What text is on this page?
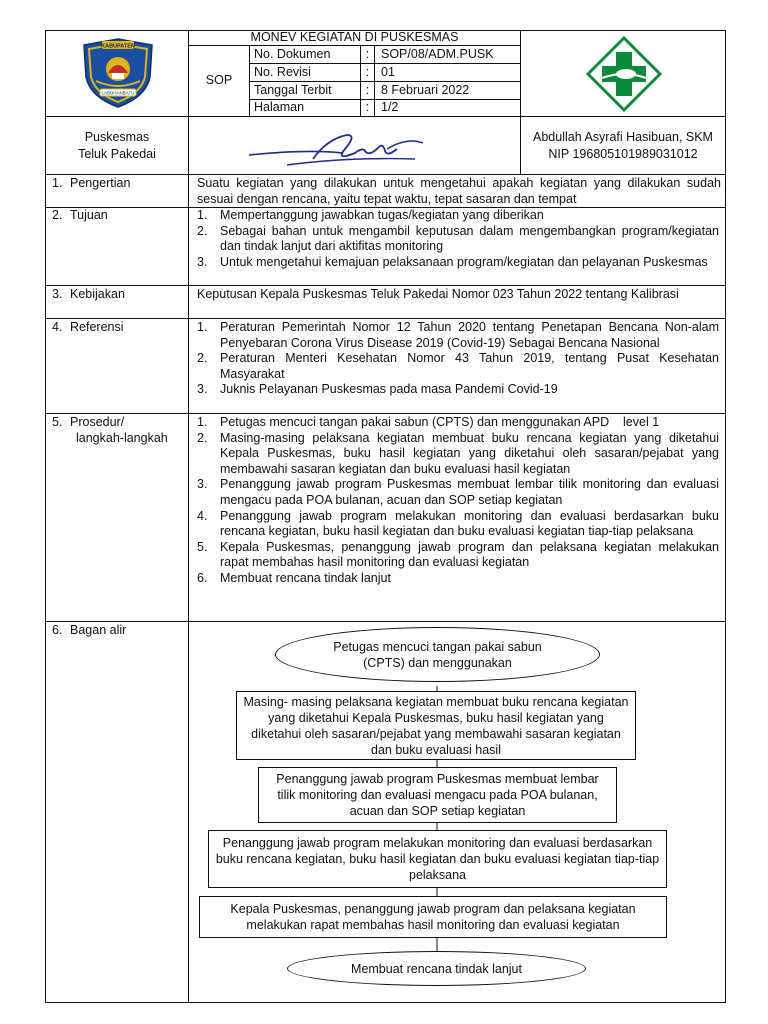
KABUPATEN
LABUHANBATU
MONEV KEGIATAN DI PUSKESMAS
SOP
No. Dokumen	: SOP/08/ADM.PUSK
No. Revisi	: 01
Tanggal Terbit	: 8 Februari 2022
Halaman	: 1/2
Puskesmas
Teluk Pakedai
Abdullah Asyrafi Hasibuan, SKM
NIP 196805101989031012
1. Pengertian	Suatu kegiatan yang dilakukan untuk mengetahui apakah kegiatan yang dilakukan sudah sesuai dengan rencana, yaitu tepat waktu, tepat sasaran dan tempat
2. Tujuan	1. Mempertanggung jawabkan tugas/kegiatan yang diberikan
2. Sebagai bahan untuk mengambil keputusan dalam mengembangkan program/kegiatan dan tindak lanjut dari aktifitas monitoring
3. Untuk mengetahui kemajuan pelaksanaan program/kegiatan dan pelayanan Puskesmas
3. Kebijakan	Keputusan Kepala Puskesmas Teluk Pakedai Nomor 023 Tahun 2022 tentang Kalibrasi
4. Referensi	1. Peraturan Pemerintah Nomor 12 Tahun 2020 tentang Penetapan Bencana Non-alam Penyebaran Corona Virus Disease 2019 (Covid-19) Sebagai Bencana Nasional
2. Peraturan Menteri Kesehatan Nomor 43 Tahun 2019, tentang Pusat Kesehatan Masyarakat
3. Juknis Pelayanan Puskesmas pada masa Pandemi Covid-19
5. Prosedur/
langkah-langkah
1. Petugas mencuci tangan pakai sabun (CPTS) dan menggunakan APD    level 1
2. Masing-masing pelaksana kegiatan membuat buku rencana kegiatan yang diketahui Kepala Puskesmas, buku hasil kegiatan yang diketahui oleh sasaran/pejabat yang membawahi sasaran kegiatan dan buku evaluasi hasil kegiatan
3. Penanggung jawab program Puskesmas membuat lembar tilik monitoring dan evaluasi mengacu pada POA bulanan, acuan dan SOP setiap kegiatan
4. Penanggung jawab program melakukan monitoring dan evaluasi berdasarkan buku rencana kegiatan, buku hasil kegiatan dan buku evaluasi kegiatan tiap-tiap pelaksana
5. Kepala Puskesmas, penanggung jawab program dan pelaksana kegiatan melakukan rapat membahas hasil monitoring dan evaluasi kegiatan
6. Membuat rencana tindak lanjut
6. Bagan alir
Petugas mencuci tangan pakai sabun (CPTS) dan menggunakan
Masing- masing pelaksana kegiatan membuat buku rencana kegiatan yang diketahui Kepala Puskesmas, buku hasil kegiatan yang diketahui oleh sasaran/pejabat yang membawahi sasaran kegiatan dan buku evaluasi hasil
Penanggung jawab program Puskesmas membuat lembar tilik monitoring dan evaluasi mengacu pada POA bulanan, acuan dan SOP setiap kegiatan
Penanggung jawab program melakukan monitoring dan evaluasi berdasarkan buku rencana kegiatan, buku hasil kegiatan dan buku evaluasi kegiatan tiap-tiap pelaksana
Kepala Puskesmas, penanggung jawab program dan pelaksana kegiatan melakukan rapat membahas hasil monitoring dan evaluasi kegiatan
Membuat rencana tindak lanjut
